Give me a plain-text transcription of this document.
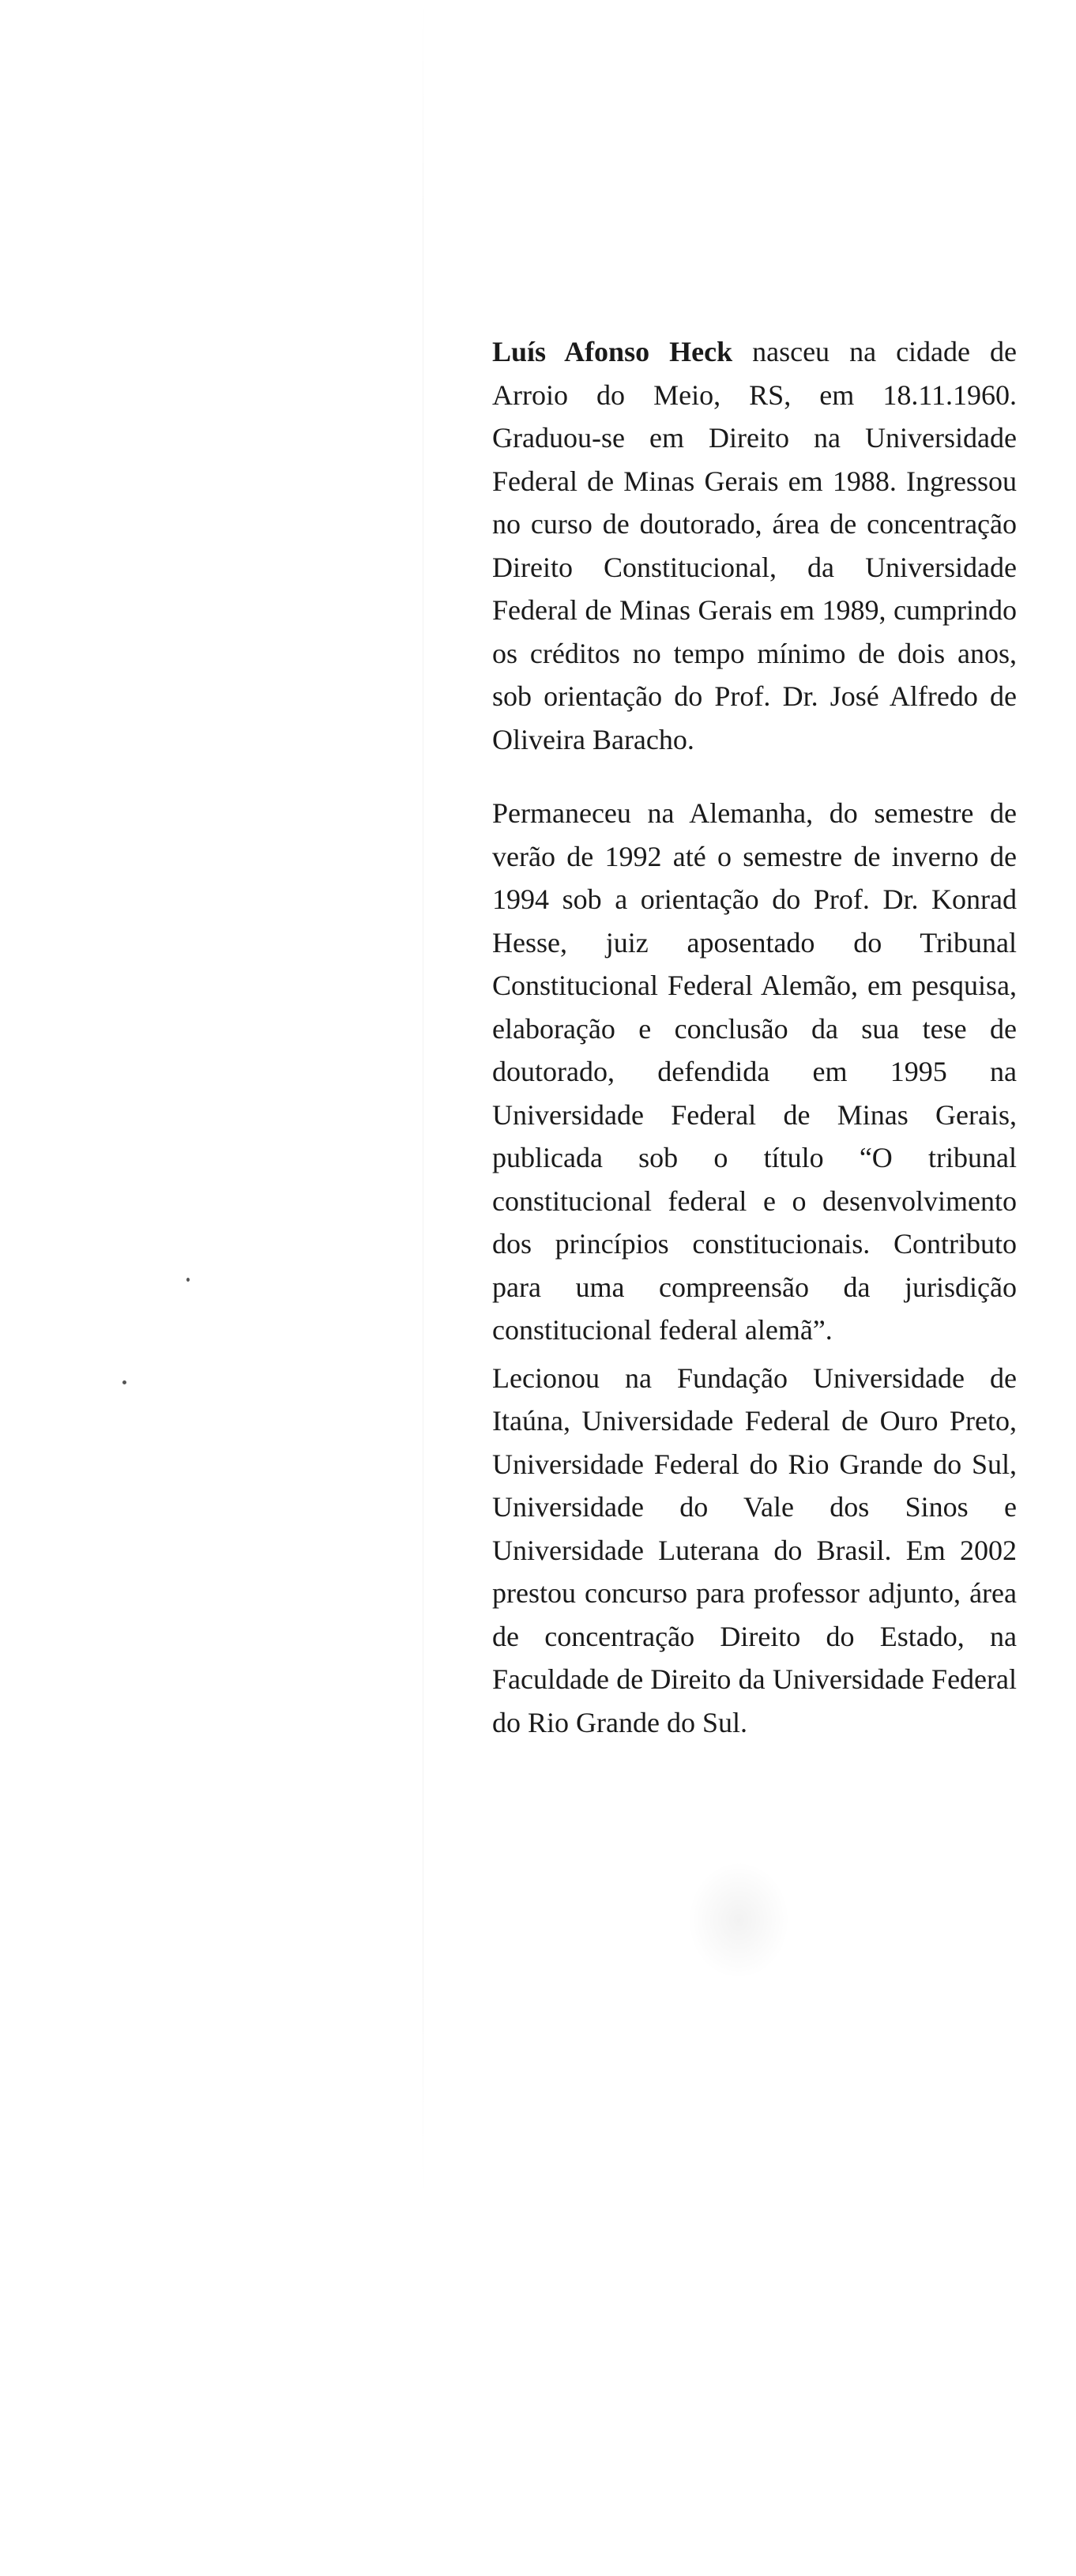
Luís Afonso Heck nasceu na cidade de Arroio do Meio, RS, em 18.11.1960. Graduou-se em Direito na Universidade Federal de Minas Gerais em 1988. Ingressou no curso de doutorado, área de concentração Direito Constitucional, da Universidade Federal de Minas Gerais em 1989, cumprindo os créditos no tempo mínimo de dois anos, sob orientação do Prof. Dr. José Alfredo de Oliveira Baracho.

Permaneceu na Alemanha, do semestre de verão de 1992 até o semestre de inverno de 1994 sob a orientação do Prof. Dr. Konrad Hesse, juiz aposentado do Tribunal Constitucional Federal Alemão, em pesquisa, elaboração e conclusão da sua tese de doutorado, defendida em 1995 na Universidade Federal de Minas Gerais, publicada sob o título “O tribunal constitucional federal e o desenvolvimento dos princípios constitucionais. Contributo para uma compreensão da jurisdição constitucional federal alemã”.

Lecionou na Fundação Universidade de Itaúna, Universidade Federal de Ouro Preto, Universidade Federal do Rio Grande do Sul, Universidade do Vale dos Sinos e Universidade Luterana do Brasil. Em 2002 prestou concurso para professor adjunto, área de concentração Direito do Estado, na Faculdade de Direito da Universidade Federal do Rio Grande do Sul.
